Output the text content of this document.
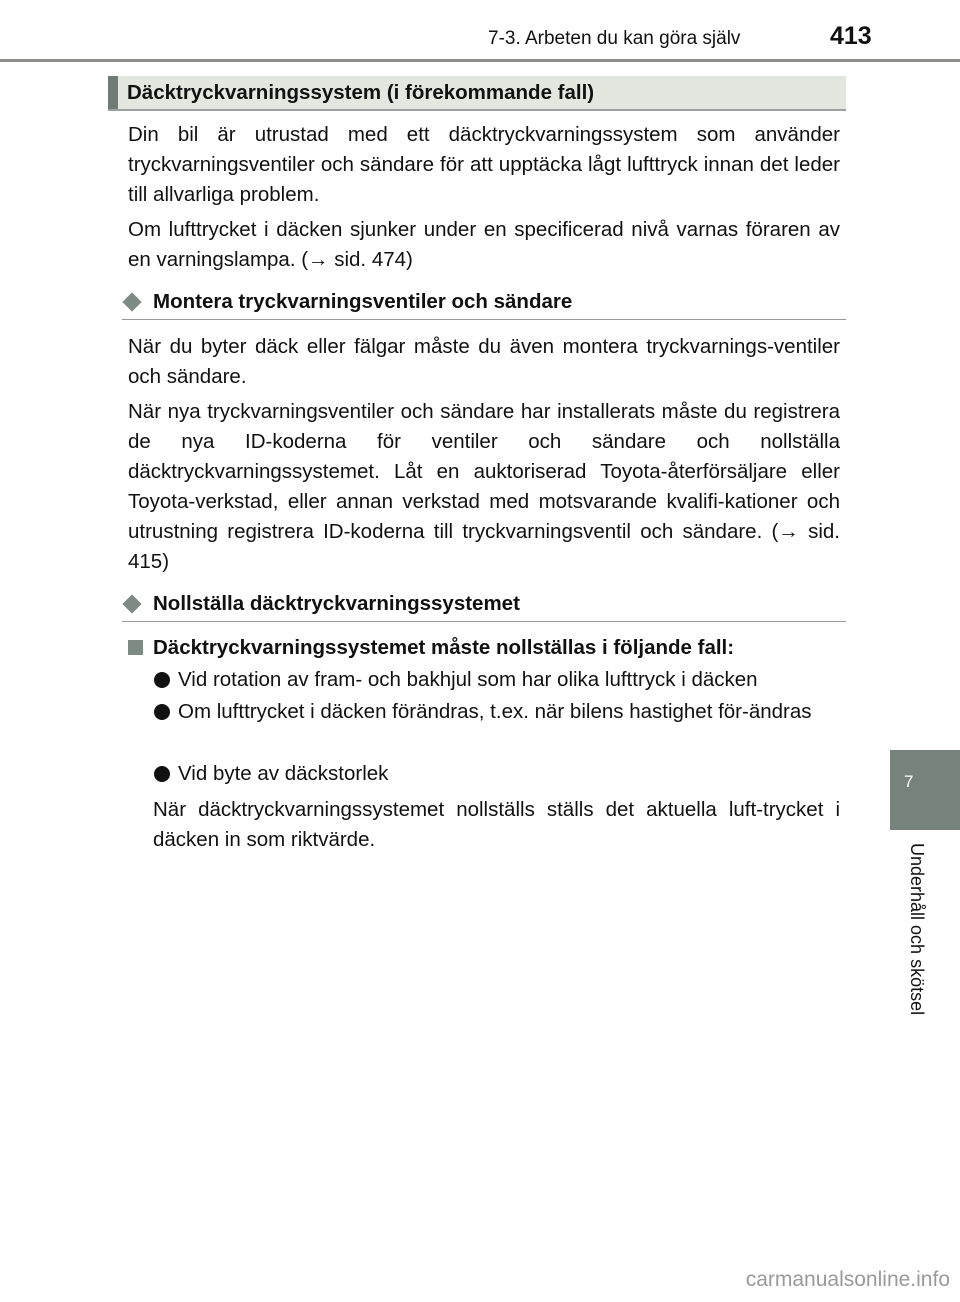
7-3. Arbeten du kan göra själv	413
Däcktryckvarningssystem (i förekommande fall)

Din bil är utrustad med ett däcktryckvarningssystem som använder tryckvarningsventiler och sändare för att upptäcka lågt lufttryck innan det leder till allvarliga problem.

Om lufttrycket i däcken sjunker under en specificerad nivå varnas föraren av en varningslampa. (→ sid. 474)

Montera tryckvarningsventiler och sändare

När du byter däck eller fälgar måste du även montera tryckvarnings-ventiler och sändare.

När nya tryckvarningsventiler och sändare har installerats måste du registrera de nya ID-koderna för ventiler och sändare och nollställa däcktryckvarningssystemet. Låt en auktoriserad Toyota-återförsäljare eller Toyota-verkstad, eller annan verkstad med motsvarande kvalifi-kationer och utrustning registrera ID-koderna till tryckvarningsventil och sändare. (→ sid. 415)

Nollställa däcktryckvarningssystemet

Däcktryckvarningssystemet måste nollställas i följande fall:

Vid rotation av fram- och bakhjul som har olika lufttryck i däcken

Om lufttrycket i däcken förändras, t.ex. när bilens hastighet för-ändras

Vid byte av däckstorlek

När däcktryckvarningssystemet nollställs ställs det aktuella luft-trycket i däcken in som riktvärde.

7
Underhåll och skötsel
carmanualsonline.info
